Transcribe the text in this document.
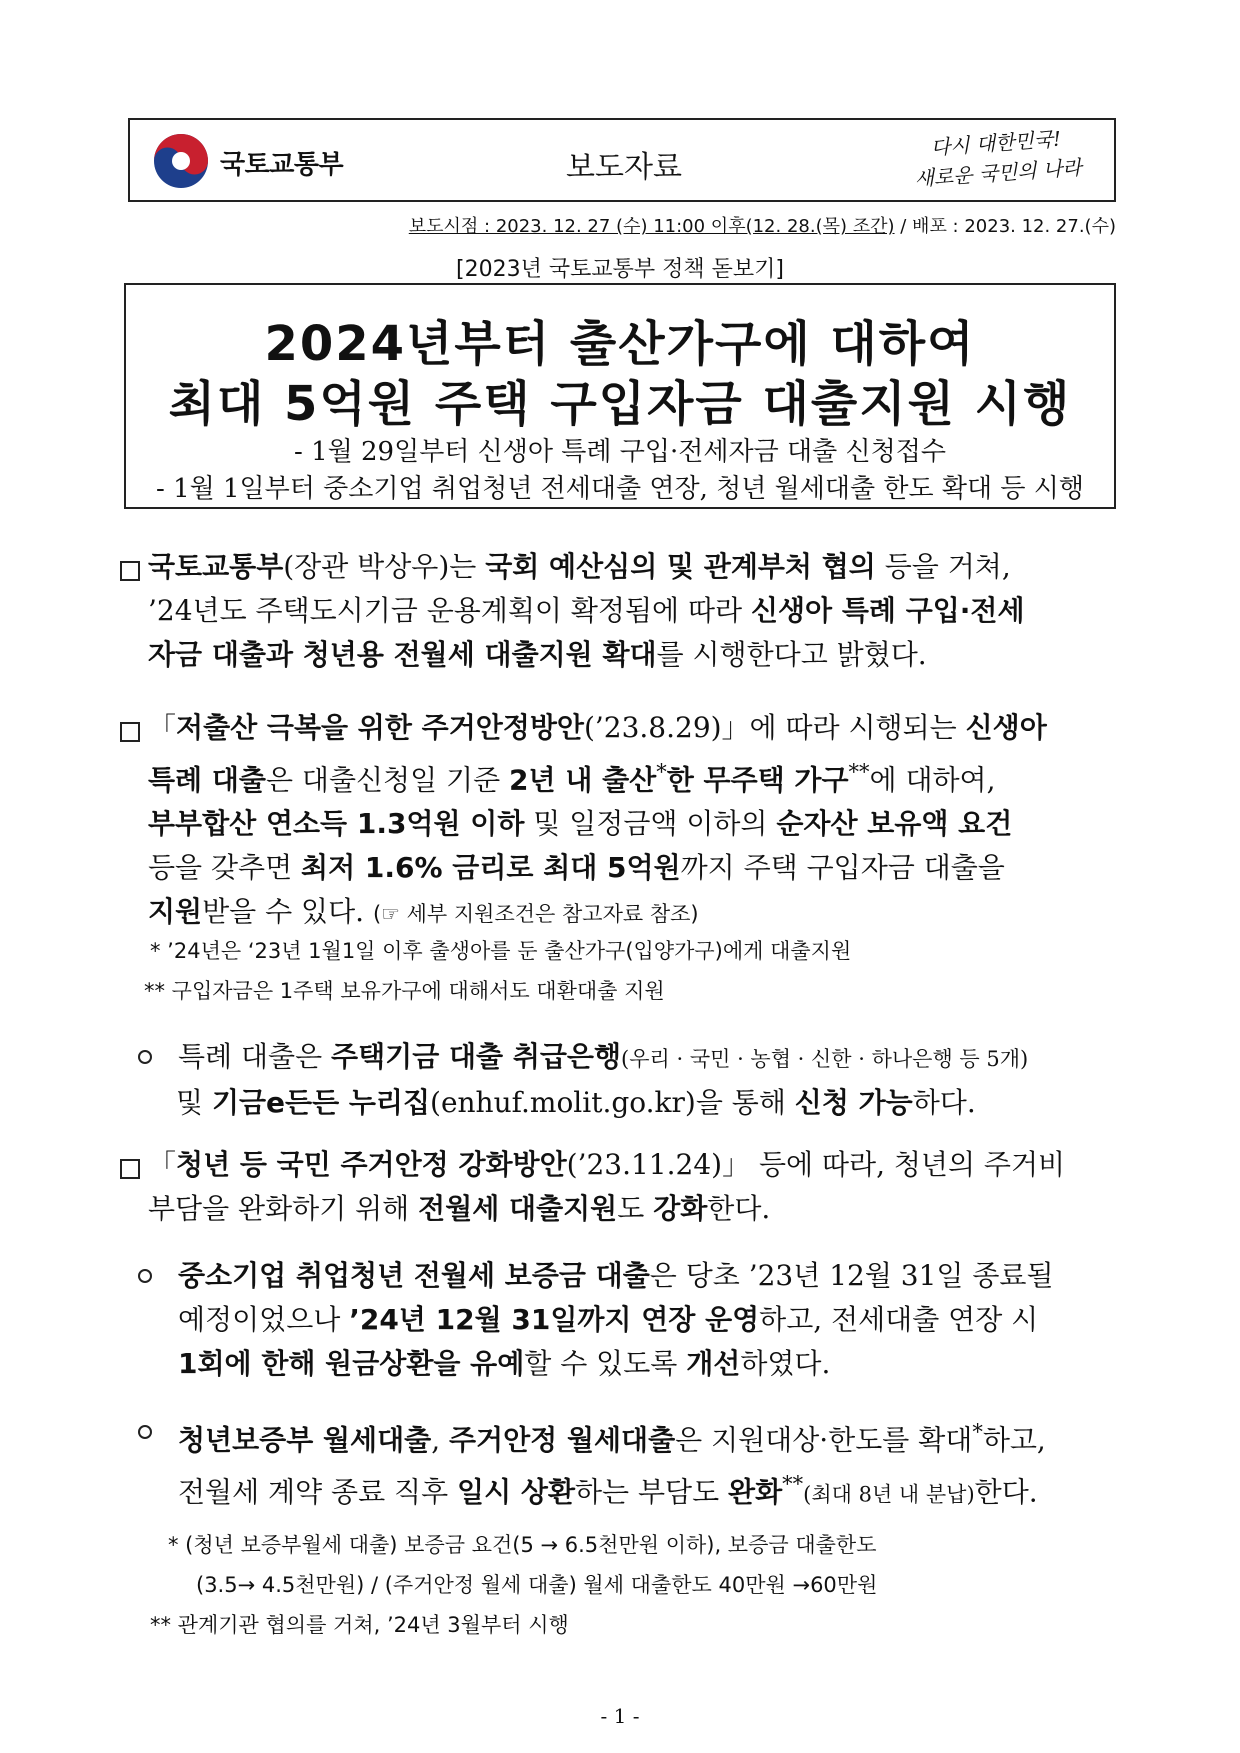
국토교통부	보도자료
다시 대한민국!
새로운 국민의 나라
보도시점 : 2023. 12. 27 (수) 11:00 이후(12. 28.(목) 조간) / 배포 : 2023. 12. 27.(수)
[2023년 국토교통부 정책 돋보기]
2024년부터 출산가구에 대하여
최대 5억원 주택 구입자금 대출지원 시행
- 1월 29일부터 신생아 특례 구입·전세자금 대출 신청접수
- 1월 1일부터 중소기업 취업청년 전세대출 연장, 청년 월세대출 한도 확대 등 시행
국토교통부(장관 박상우)는 국회 예산심의 및 관계부처 협의 등을 거쳐,
’24년도 주택도시기금 운용계획이 확정됨에 따라 신생아 특례 구입·전세
자금 대출과 청년용 전월세 대출지원 확대를 시행한다고 밝혔다.
「저출산 극복을 위한 주거안정방안(’23.8.29)」에 따라 시행되는 신생아
특례 대출은 대출신청일 기준 2년 내 출산*한 무주택 가구**에 대하여,
부부합산 연소득 1.3억원 이하 및 일정금액 이하의 순자산 보유액 요건
등을 갖추면 최저 1.6% 금리로 최대 5억원까지 주택 구입자금 대출을
지원받을 수 있다. (☞ 세부 지원조건은 참고자료 참조)
* ’24년은 ‘23년 1월1일 이후 출생아를 둔 출산가구(입양가구)에게 대출지원
** 구입자금은 1주택 보유가구에 대해서도 대환대출 지원
특례 대출은 주택기금 대출 취급은행(우리 · 국민 · 농협 · 신한 · 하나은행 등 5개)
및 기금e든든 누리집(enhuf.molit.go.kr)을 통해 신청 가능하다.
「청년 등 국민 주거안정 강화방안(’23.11.24)」 등에 따라, 청년의 주거비
부담을 완화하기 위해 전월세 대출지원도 강화한다.
중소기업 취업청년 전월세 보증금 대출은 당초 ’23년 12월 31일 종료될
예정이었으나 ’24년 12월 31일까지 연장 운영하고, 전세대출 연장 시
1회에 한해 원금상환을 유예할 수 있도록 개선하였다.
청년보증부 월세대출, 주거안정 월세대출은 지원대상·한도를 확대*하고,
전월세 계약 종료 직후 일시 상환하는 부담도 완화**(최대 8년 내 분납)한다.
* (청년 보증부월세 대출) 보증금 요건(5 → 6.5천만원 이하), 보증금 대출한도
(3.5→ 4.5천만원) / (주거안정 월세 대출) 월세 대출한도 40만원 →60만원
** 관계기관 협의를 거쳐, ’24년 3월부터 시행
- 1 -
